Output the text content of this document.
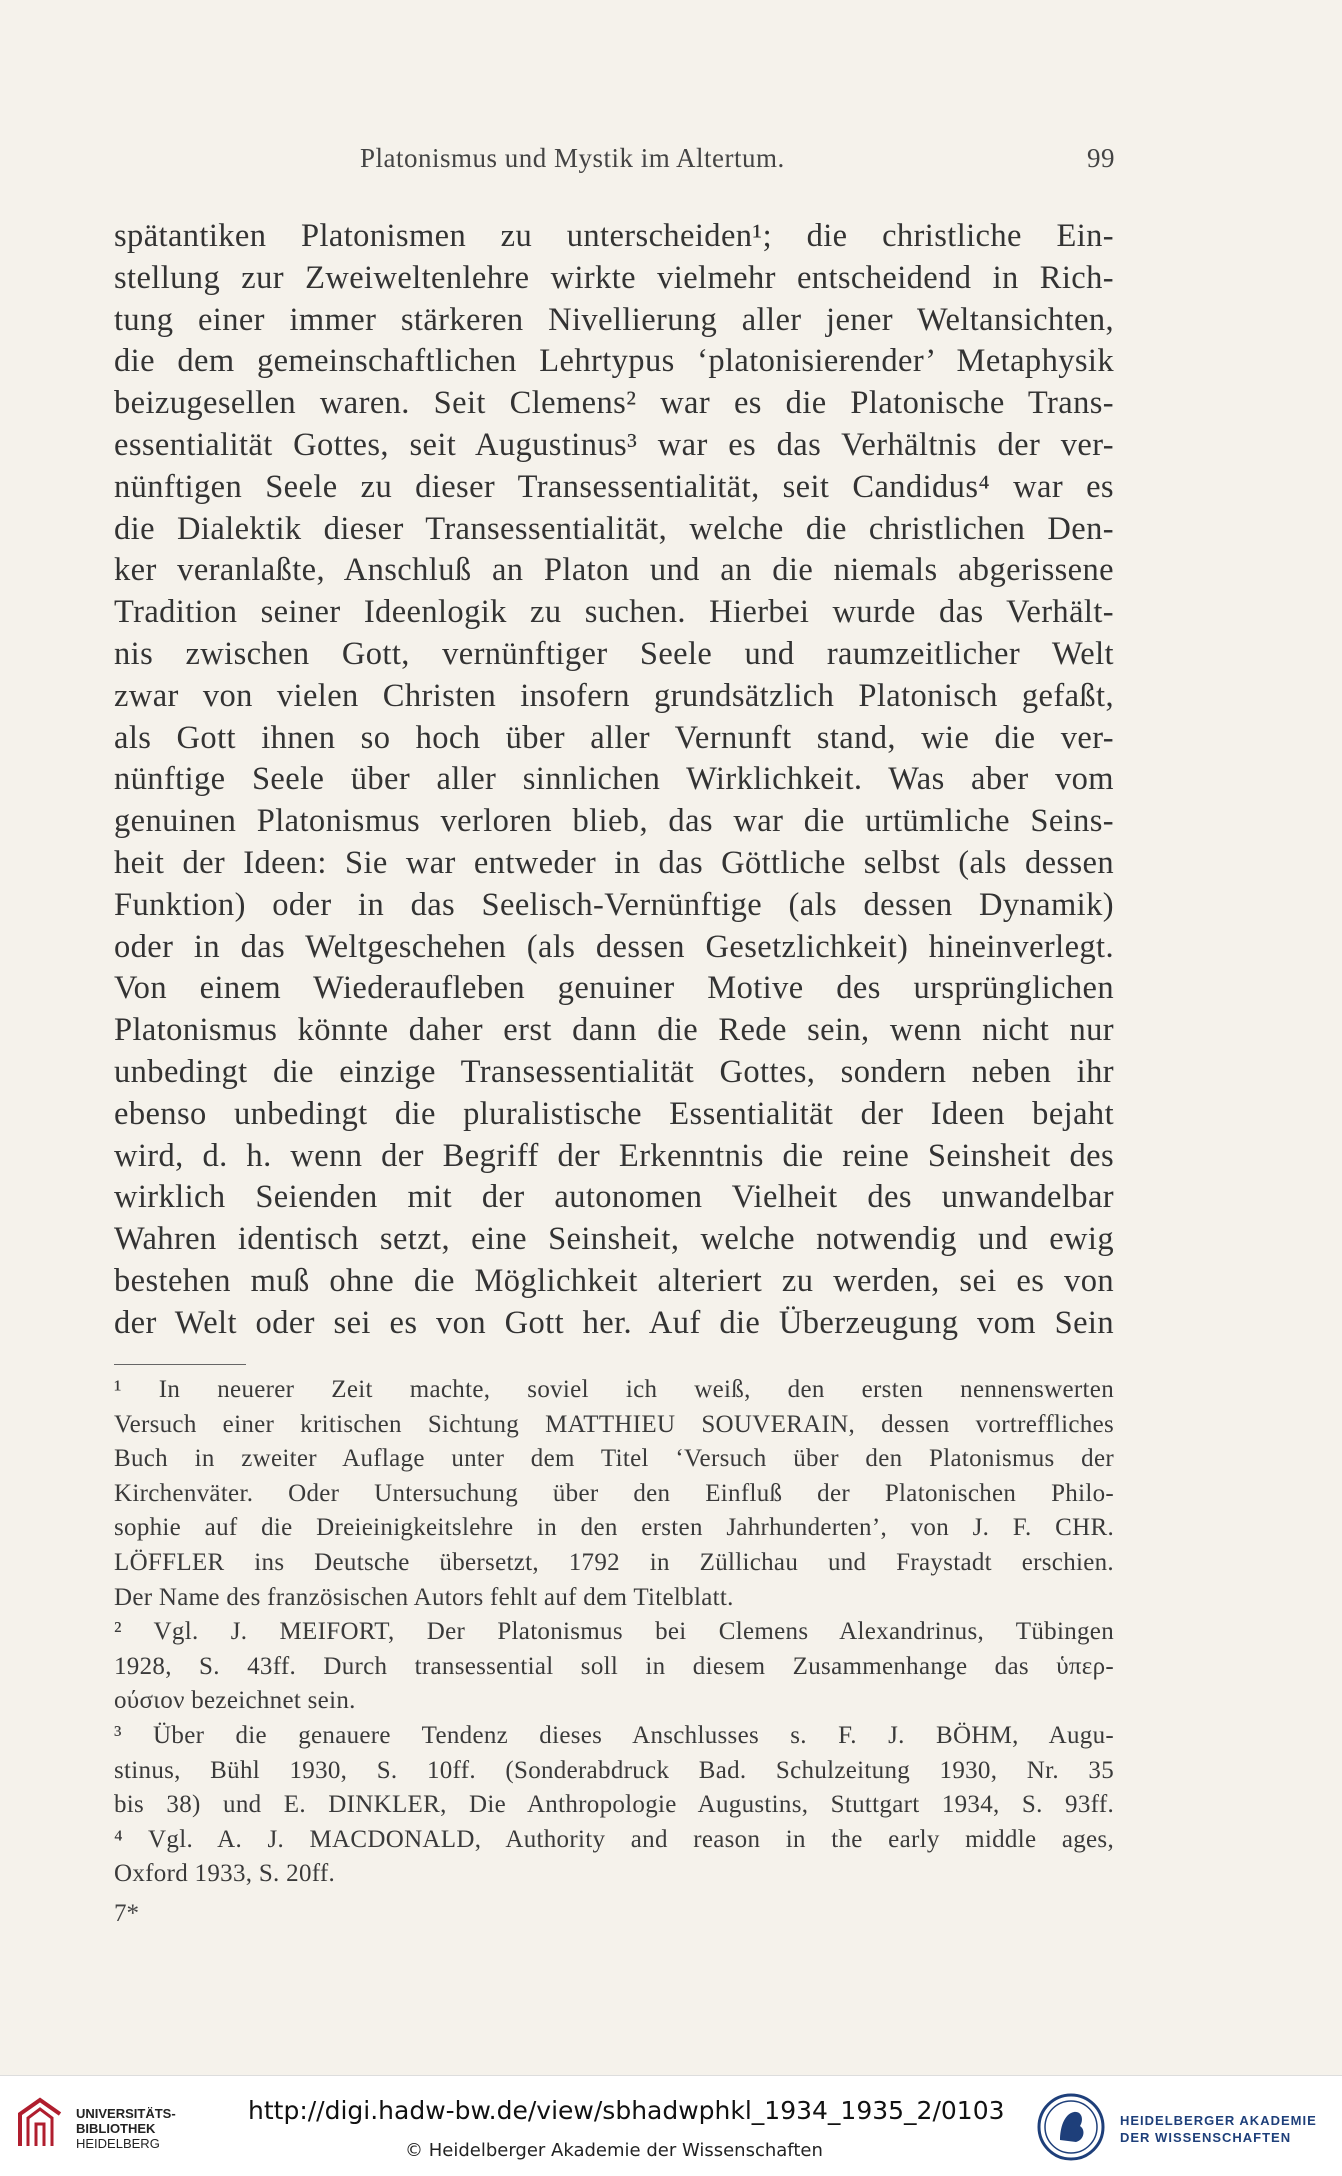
Platonismus und Mystik im Altertum.	99
spätantiken Platonismen zu unterscheiden¹; die christliche Ein-
stellung zur Zweiweltenlehre wirkte vielmehr entscheidend in Rich-
tung einer immer stärkeren Nivellierung aller jener Weltansichten,
die dem gemeinschaftlichen Lehrtypus ‘platonisierender’ Metaphysik
beizugesellen waren. Seit Clemens² war es die Platonische Trans-
essentialität Gottes, seit Augustinus³ war es das Verhältnis der ver-
nünftigen Seele zu dieser Transessentialität, seit Candidus⁴ war es
die Dialektik dieser Transessentialität, welche die christlichen Den-
ker veranlaßte, Anschluß an Platon und an die niemals abgerissene
Tradition seiner Ideenlogik zu suchen. Hierbei wurde das Verhält-
nis zwischen Gott, vernünftiger Seele und raumzeitlicher Welt
zwar von vielen Christen insofern grundsätzlich Platonisch gefaßt,
als Gott ihnen so hoch über aller Vernunft stand, wie die ver-
nünftige Seele über aller sinnlichen Wirklichkeit. Was aber vom
genuinen Platonismus verloren blieb, das war die urtümliche Seins-
heit der Ideen: Sie war entweder in das Göttliche selbst (als dessen
Funktion) oder in das Seelisch-Vernünftige (als dessen Dynamik)
oder in das Weltgeschehen (als dessen Gesetzlichkeit) hineinverlegt.
Von einem Wiederaufleben genuiner Motive des ursprünglichen
Platonismus könnte daher erst dann die Rede sein, wenn nicht nur
unbedingt die einzige Transessentialität Gottes, sondern neben ihr
ebenso unbedingt die pluralistische Essentialität der Ideen bejaht
wird, d. h. wenn der Begriff der Erkenntnis die reine Seinsheit des
wirklich Seienden mit der autonomen Vielheit des unwandelbar
Wahren identisch setzt, eine Seinsheit, welche notwendig und ewig
bestehen muß ohne die Möglichkeit alteriert zu werden, sei es von
der Welt oder sei es von Gott her. Auf die Überzeugung vom Sein
¹ In neuerer Zeit machte, soviel ich weiß, den ersten nennenswerten
Versuch einer kritischen Sichtung MATTHIEU SOUVERAIN, dessen vortreffliches
Buch in zweiter Auflage unter dem Titel ‘Versuch über den Platonismus der
Kirchenväter. Oder Untersuchung über den Einfluß der Platonischen Philo-
sophie auf die Dreieinigkeitslehre in den ersten Jahrhunderten’, von J. F. CHR.
LÖFFLER ins Deutsche übersetzt, 1792 in Züllichau und Fraystadt erschien.
Der Name des französischen Autors fehlt auf dem Titelblatt.
² Vgl. J. MEIFORT, Der Platonismus bei Clemens Alexandrinus, Tübingen
1928, S. 43ff. Durch transessential soll in diesem Zusammenhange das ὑπερ-
ούσιον bezeichnet sein.
³ Über die genauere Tendenz dieses Anschlusses s. F. J. BÖHM, Augu-
stinus, Bühl 1930, S. 10ff. (Sonderabdruck Bad. Schulzeitung 1930, Nr. 35
bis 38) und E. DINKLER, Die Anthropologie Augustins, Stuttgart 1934, S. 93ff.
⁴ Vgl. A. J. MACDONALD, Authority and reason in the early middle ages,
Oxford 1933, S. 20ff.
7*
UNIVERSITÄTS-
BIBLIOTHEK
HEIDELBERG
http://digi.hadw-bw.de/view/sbhadwphkl_1934_1935_2/0103
© Heidelberger Akademie der Wissenschaften
HEIDELBERGER AKADEMIE
DER WISSENSCHAFTEN
